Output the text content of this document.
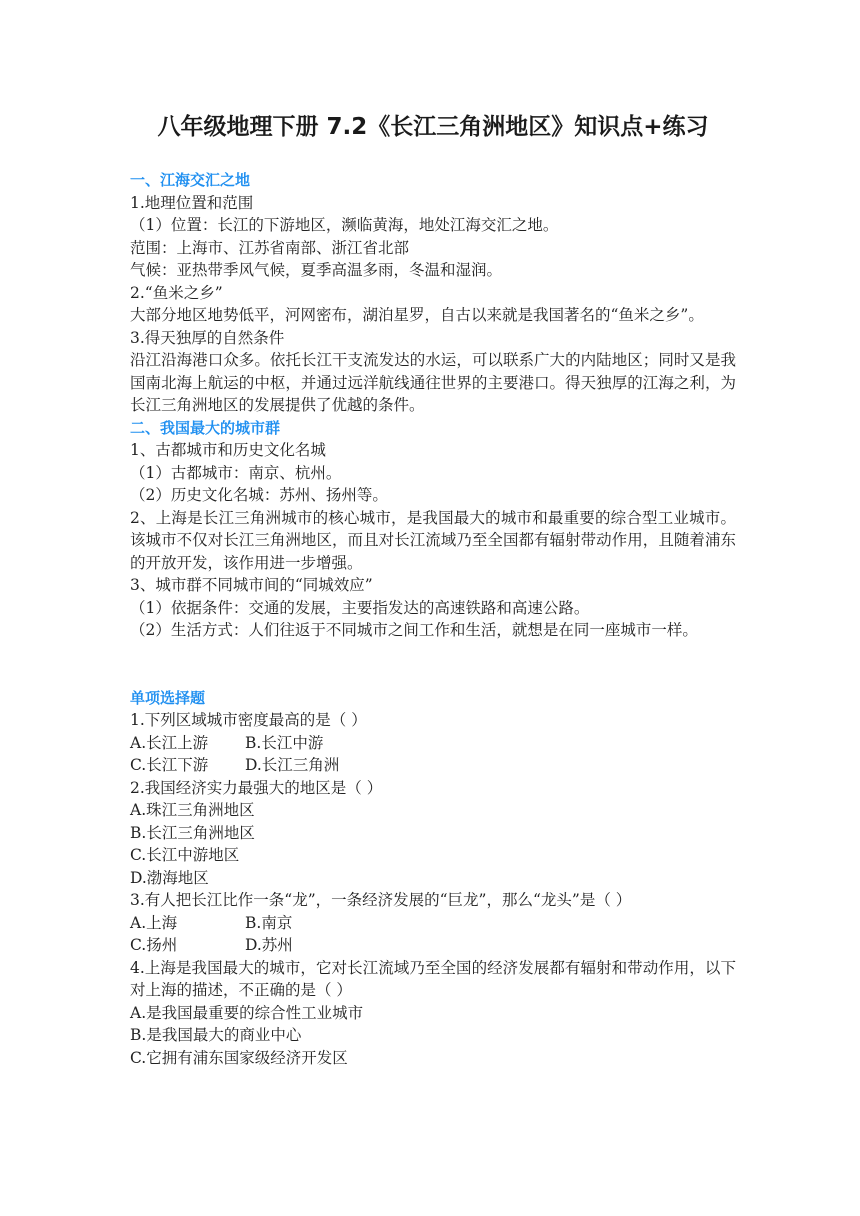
八年级地理下册 7.2《长江三角洲地区》知识点+练习

一、江海交汇之地

1.地理位置和范围

（1）位置：长江的下游地区，濒临黄海，地处江海交汇之地。

范围：上海市、江苏省南部、浙江省北部

气候：亚热带季风气候，夏季高温多雨，冬温和湿润。

2.“鱼米之乡”

大部分地区地势低平，河网密布，湖泊星罗，自古以来就是我国著名的“鱼米之乡”。

3.得天独厚的自然条件

沿江沿海港口众多。依托长江干支流发达的水运，可以联系广大的内陆地区；同时又是我国南北海上航运的中枢，并通过远洋航线通往世界的主要港口。得天独厚的江海之利，为长江三角洲地区的发展提供了优越的条件。

二、我国最大的城市群

1、古都城市和历史文化名城

（1）古都城市：南京、杭州。

（2）历史文化名城：苏州、扬州等。

2、上海是长江三角洲城市的核心城市，是我国最大的城市和最重要的综合型工业城市。该城市不仅对长江三角洲地区，而且对长江流域乃至全国都有辐射带动作用，且随着浦东的开放开发，该作用进一步增强。

3、城市群不同城市间的“同城效应”

（1）依据条件：交通的发展，主要指发达的高速铁路和高速公路。

（2）生活方式：人们往返于不同城市之间工作和生活，就想是在同一座城市一样。

单项选择题

1.下列区域城市密度最高的是（ ）

A.长江上游	B.长江中游
C.长江下游	D.长江三角洲

2.我国经济实力最强大的地区是（ ）

A.珠江三角洲地区

B.长江三角洲地区

C.长江中游地区

D.渤海地区

3.有人把长江比作一条“龙”，一条经济发展的“巨龙”，那么“龙头”是（ ）

A.上海	B.南京
C.扬州	D.苏州

4.上海是我国最大的城市，它对长江流域乃至全国的经济发展都有辐射和带动作用，以下对上海的描述，不正确的是（ ）

A.是我国最重要的综合性工业城市

B.是我国最大的商业中心

C.它拥有浦东国家级经济开发区
